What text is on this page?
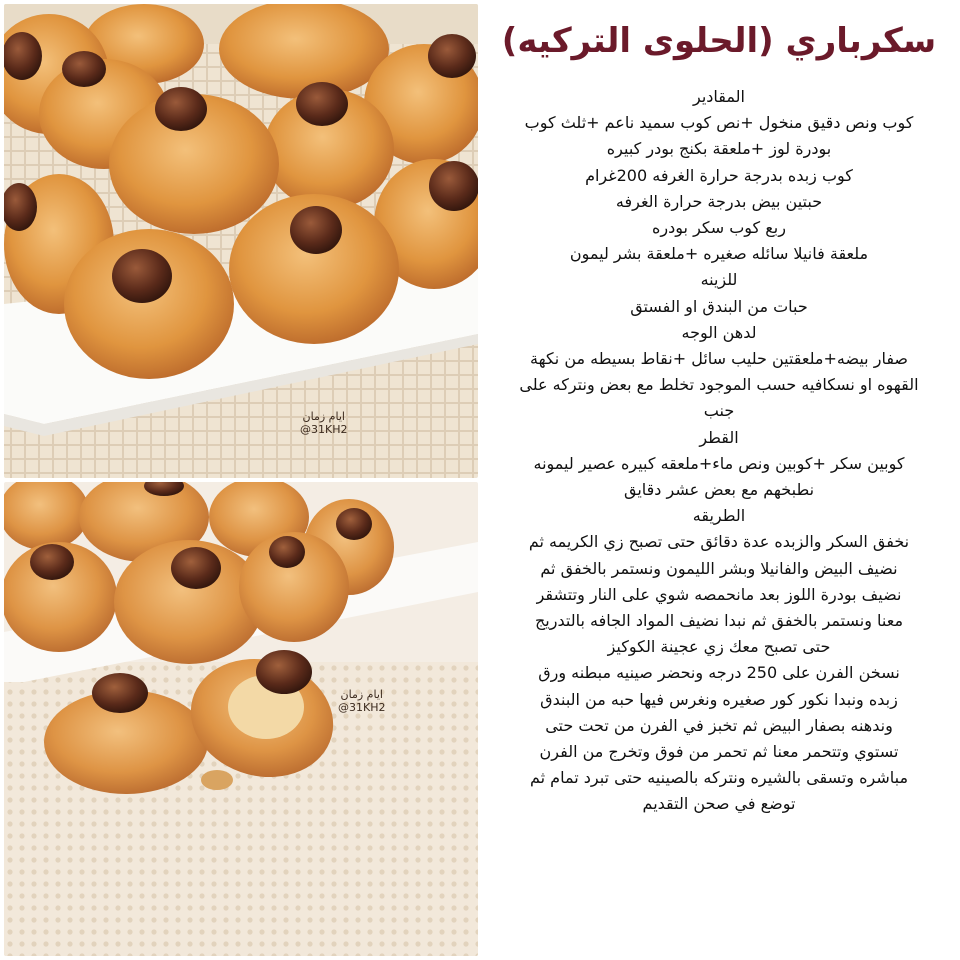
ايام زمان
@31KH2
ايام زمان
@31KH2
سكرباري (الحلوى التركيه)
المقادير
كوب ونص دقيق منخول +نص كوب سميد ناعم +ثلث كوب
بودرة لوز +ملعقة بكنج بودر كبيره
كوب زبده بدرجة حرارة الغرفه 200غرام
حبتين بيض بدرجة حرارة الغرفه
ربع كوب سكر بودره
ملعقة فانيلا سائله صغيره +ملعقة بشر ليمون
للزينه
حبات من البندق او الفستق
لدهن الوجه
صفار بيضه+ملعقتين حليب سائل +نقاط بسيطه من نكهة
القهوه او نسكافيه حسب الموجود تخلط مع بعض ونتركه على
جنب
القطر
كوبين سكر +كوبين ونص ماء+ملعقه كبيره عصير ليمونه
نطبخهم مع بعض عشر دقايق
الطريقه
نخفق السكر والزبده عدة دقائق حتى تصبح زي الكريمه ثم
نضيف البيض والفانيلا وبشر الليمون ونستمر بالخفق ثم
نضيف بودرة اللوز بعد مانحمصه شوي على النار وتتشقر
معنا ونستمر بالخفق ثم نبدا نضيف المواد الجافه بالتدريج
حتى تصبح معك زي عجينة الكوكيز
نسخن الفرن على 250 درجه ونحضر صينيه مبطنه ورق
زبده ونبدا نكور كور صغيره ونغرس فيها حبه من البندق
وندهنه بصفار البيض ثم تخبز في الفرن من تحت حتى
تستوي وتتحمر معنا ثم تحمر من فوق وتخرج من الفرن
مباشره وتسقى بالشيره ونتركه بالصينيه حتى تبرد تمام ثم
توضع في صحن التقديم
